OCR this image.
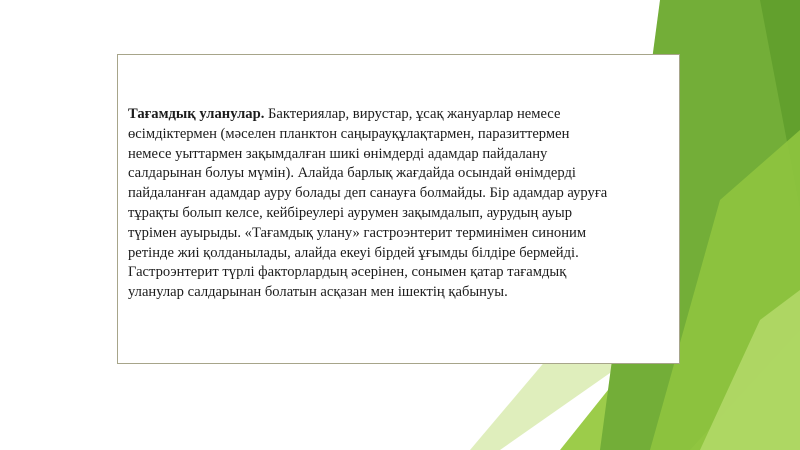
Тағамдық уланулар. Бактериялар, вирустар, ұсақ жануарлар немесе
өсімдіктермен (мәселен планктон саңырауқұлақтармен, паразиттермен
немесе уыттармен зақымдалған шикі өнімдерді адамдар пайдалану
салдарынан болуы мүмін). Алайда барлық жағдайда осындай өнімдерді
пайдаланған адамдар ауру болады деп санауға болмайды. Бір адамдар ауруға
тұрақты болып келсе, кейбіреулері аурумен зақымдалып, аурудың ауыр
түрімен ауырыды. «Тағамдық улану» гастроэнтерит терминімен синоним
ретінде жиі қолданылады, алайда екеуі бірдей ұғымды білдіре бермейді.
Гастроэнтерит түрлі факторлардың әсерінен, сонымен қатар тағамдық
уланулар салдарынан болатын асқазан мен ішектің қабынуы.
